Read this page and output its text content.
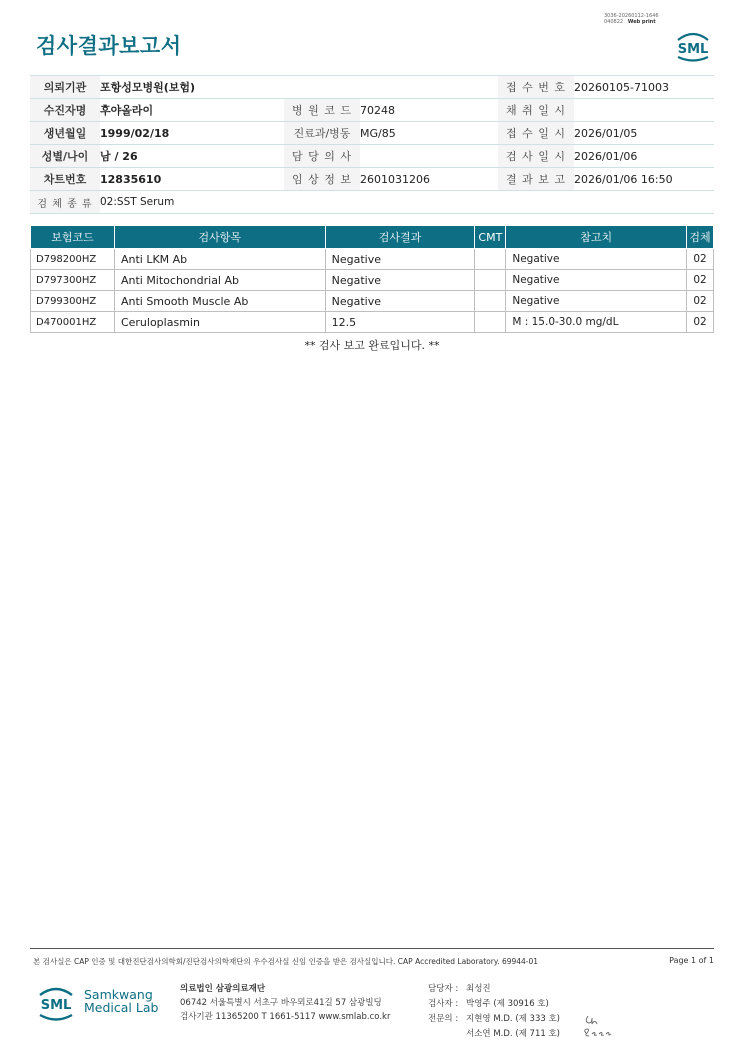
검사결과보고서
3036-20260112-1646
040822 Web print
SML
의뢰기관	포항성모병원(보험)			접 수 번 호	20260105-71003
수진자명	후야올라이	병 원 코 드	70248	채 취 일 시	
생년월일	1999/02/18	진료과/병동	MG/85	접 수 일 시	2026/01/05
성별/나이	남 / 26	담 당 의 사		검 사 일 시	2026/01/06
차트번호	12835610	임 상 정 보	2601031206	결 과 보 고	2026/01/06 16:50
검 체 종 류	02:SST Serum				
보험코드	검사항목	검사결과	CMT	참고치	검체
D798200HZ	Anti LKM Ab	Negative		Negative	02
D797300HZ	Anti Mitochondrial Ab	Negative		Negative	02
D799300HZ	Anti Smooth Muscle Ab	Negative		Negative	02
D470001HZ	Ceruloplasmin	12.5		M : 15.0-30.0 mg/dL	02
** 검사 보고 완료입니다. **
본 검사실은 CAP 인증 및 대한진단검사의학회/진단검사의학재단의 우수검사실 신임 인증을 받은 검사실입니다. CAP Accredited Laboratory. 69944-01	Page 1 of 1
SML
Samkwang
Medical Lab
의료법인 삼광의료재단
06742 서울특별시 서초구 바우뫼로41길 57 삼광빌딩
검사기관 11365200 T 1661-5117 www.smlab.co.kr
담당자 : 최성진
검사자 : 박영주 (제 30916 호)
전문의 : 지현영 M.D. (제 333 호)
서소연 M.D. (제 711 호)
